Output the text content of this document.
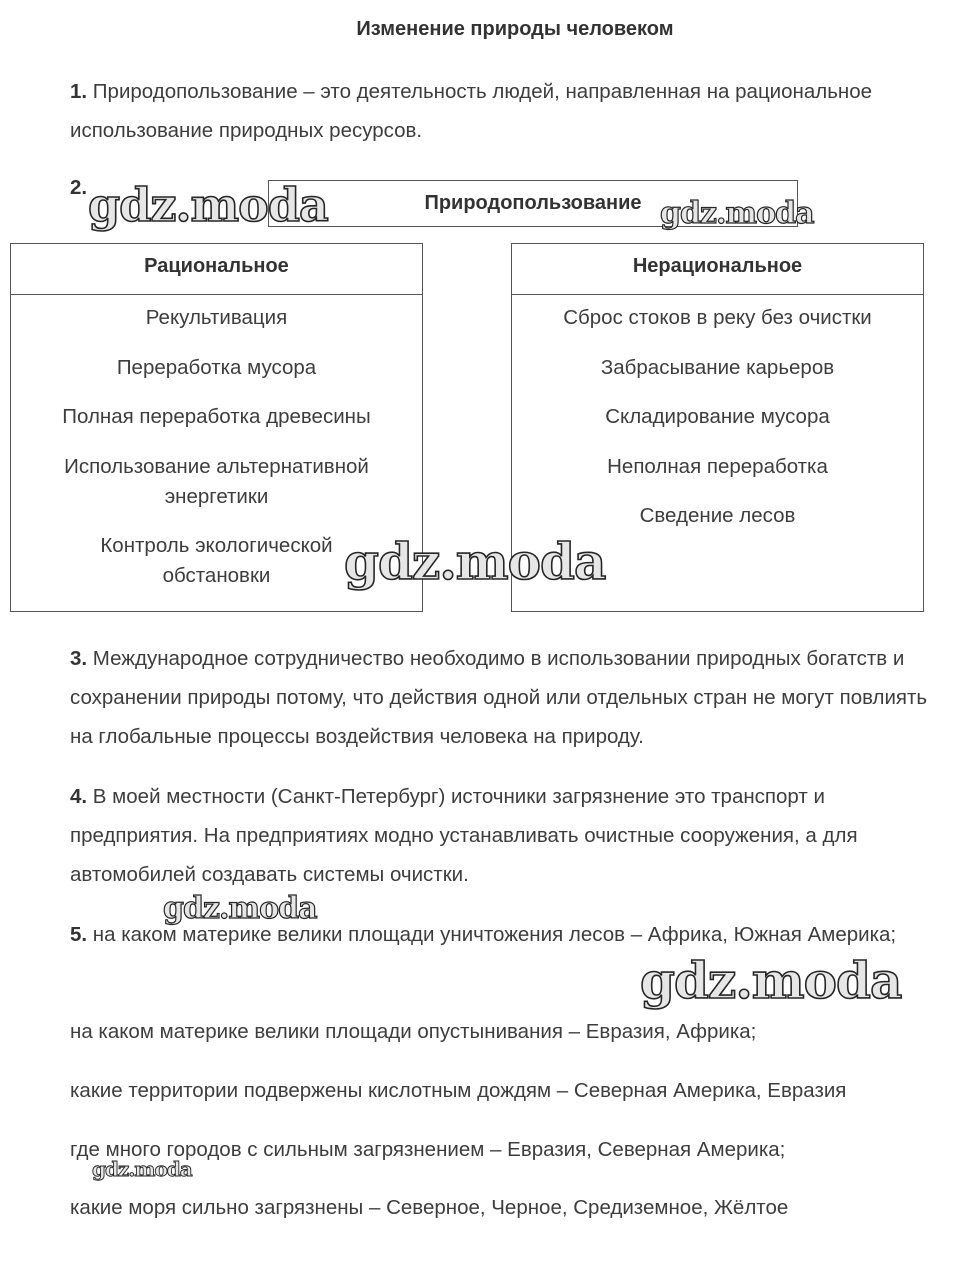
Изменение природы человеком
1. Природопользование – это деятельность людей, направленная на рациональное использование природных ресурсов.
2.
Природопользование
Рациональное
Рекультивация
Переработка мусора
Полная переработка древесины
Использование альтернативной энергетики
Контроль экологической обстановки
Нерациональное
Сброс стоков в реку без очистки
Забрасывание карьеров
Складирование мусора
Неполная переработка
Сведение лесов
3. Международное сотрудничество необходимо в использовании природных богатств и сохранении природы потому, что действия одной или отдельных стран не могут повлиять на глобальные процессы воздействия человека на природу.
4. В моей местности (Санкт-Петербург) источники загрязнение это транспорт и предприятия. На предприятиях модно устанавливать очистные сооружения, а для автомобилей создавать системы очистки.
5. на каком материке велики площади уничтожения лесов – Африка, Южная Америка;
на каком материке велики площади опустынивания – Евразия, Африка;
какие территории подвержены кислотным дождям – Северная Америка, Евразия
где много городов с сильным загрязнением – Евразия, Северная Америка;
какие моря сильно загрязнены – Северное, Черное, Средиземное, Жёлтое
gdz.moda	gdz.moda
gdz.moda
gdz.moda
gdz.moda
gdz.moda
